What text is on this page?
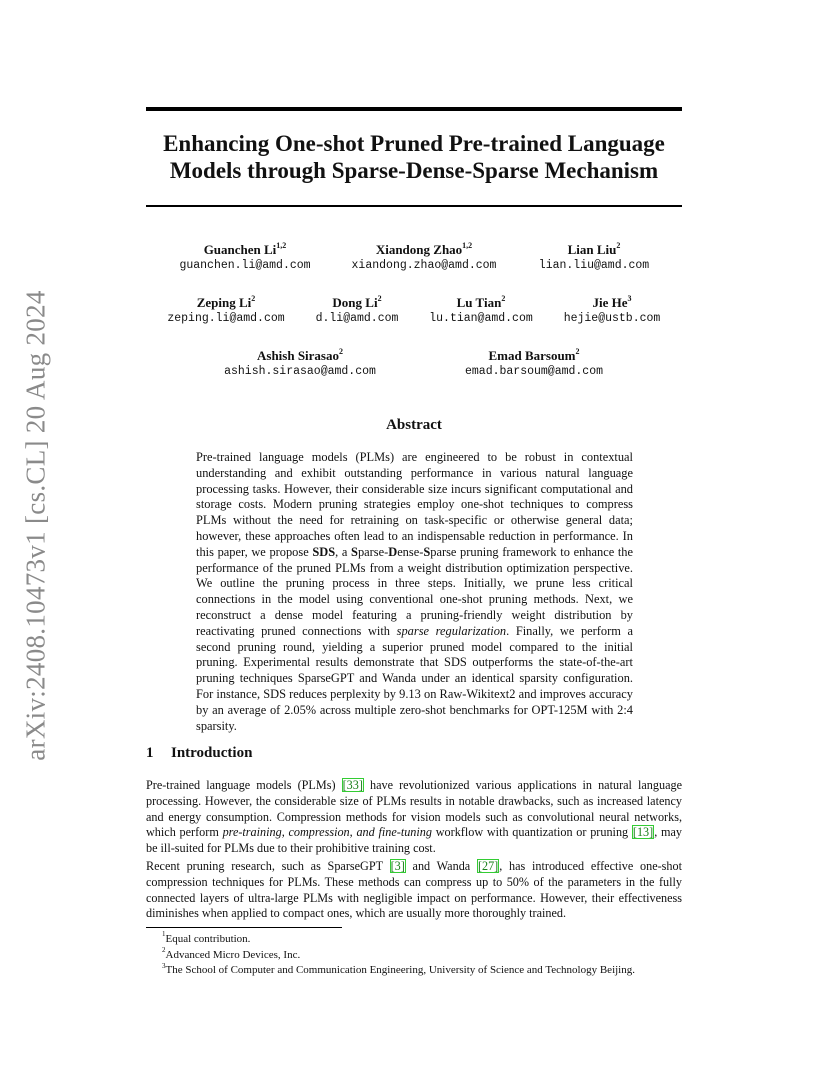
arXiv:2408.10473v1 [cs.CL] 20 Aug 2024
Enhancing One-shot Pruned Pre-trained Language
Models through Sparse-Dense-Sparse Mechanism
Guanchen Li$^{1,2}$
guanchen.li@amd.com
Xiandong Zhao$^{1,2}$
xiandong.zhao@amd.com
Lian Liu$^2$
lian.liu@amd.com
Zeping Li$^2$
zeping.li@amd.com
Dong Li$^2$
d.li@amd.com
Lu Tian$^2$
lu.tian@amd.com
Jie He$^3$
hejie@ustb.com
Ashish Sirasao$^2$
ashish.sirasao@amd.com
Emad Barsoum$^2$
emad.barsoum@amd.com
Abstract
Pre-trained language models (PLMs) are engineered to be robust in contextual understanding and exhibit outstanding performance in various natural language processing tasks. However, their considerable size incurs significant computational and storage costs. Modern pruning strategies employ one-shot techniques to compress PLMs without the need for retraining on task-specific or otherwise general data; however, these approaches often lead to an indispensable reduction in performance. In this paper, we propose SDS, a Sparse-Dense-Sparse pruning framework to enhance the performance of the pruned PLMs from a weight distribution optimization perspective. We outline the pruning process in three steps. Initially, we prune less critical connections in the model using conventional one-shot pruning methods. Next, we reconstruct a dense model featuring a pruning-friendly weight distribution by reactivating pruned connections with sparse regularization. Finally, we perform a second pruning round, yielding a superior pruned model compared to the initial pruning. Experimental results demonstrate that SDS outperforms the state-of-the-art pruning techniques SparseGPT and Wanda under an identical sparsity configuration. For instance, SDS reduces perplexity by 9.13 on Raw-Wikitext2 and improves accuracy by an average of 2.05% across multiple zero-shot benchmarks for OPT-125M with 2:4 sparsity.
1 Introduction
Pre-trained language models (PLMs) [33] have revolutionized various applications in natural language processing. However, the considerable size of PLMs results in notable drawbacks, such as increased latency and energy consumption. Compression methods for vision models such as convolutional neural networks, which perform pre-training, compression, and fine-tuning workflow with quantization or pruning [13], may be ill-suited for PLMs due to their prohibitive training cost.
Recent pruning research, such as SparseGPT [3] and Wanda [27], has introduced effective one-shot compression techniques for PLMs. These methods can compress up to 50% of the parameters in the fully connected layers of ultra-large PLMs with negligible impact on performance. However, their effectiveness diminishes when applied to compact ones, which are usually more thoroughly trained.
$^1$Equal contribution.
$^2$Advanced Micro Devices, Inc.
$^3$The School of Computer and Communication Engineering, University of Science and Technology Beijing.
